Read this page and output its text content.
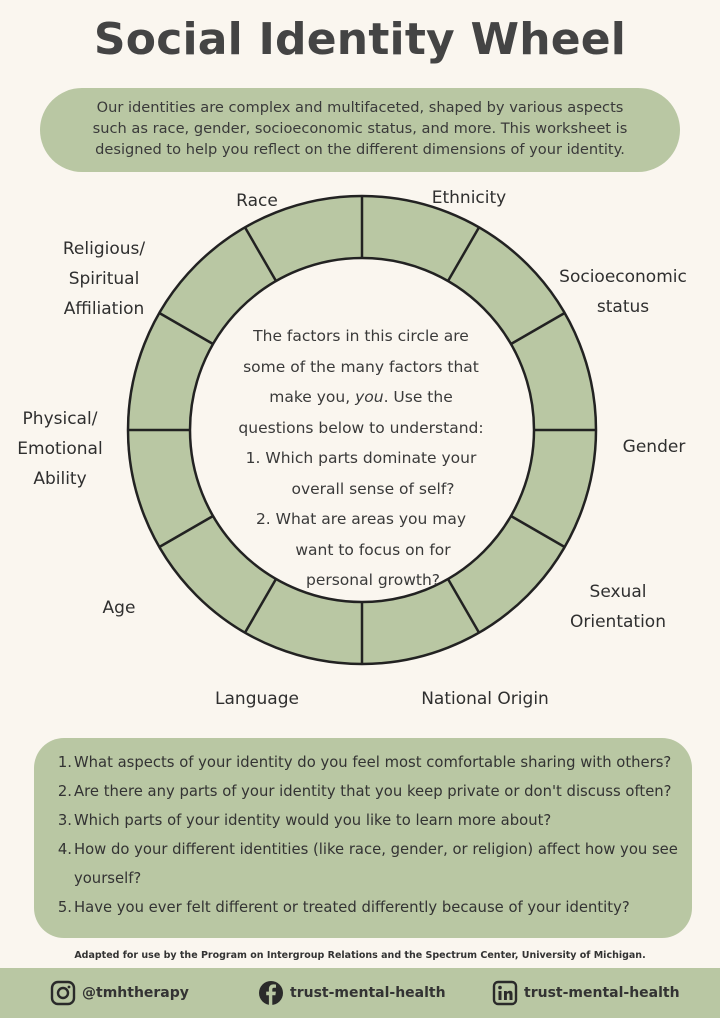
Social Identity Wheel
Our identities are complex and multifaceted, shaped by various aspects such as race, gender, socioeconomic status, and more. This worksheet is designed to help you reflect on the different dimensions of your identity.
Race	Ethnicity
Socioeconomic
status
Gender
Sexual
Orientation
National Origin
Language
Age
Physical/
Emotional
Ability
Religious/
Spiritual
Affiliation
The factors in this circle are
some of the many factors that
make you, you. Use the
questions below to understand:
1. Which parts dominate your
overall sense of self?
2. What are areas you may
want to focus on for
personal growth?
1. What aspects of your identity do you feel most comfortable sharing with others?
2. Are there any parts of your identity that you keep private or don't discuss often?
3. Which parts of your identity would you like to learn more about?
4. How do your different identities (like race, gender, or religion) affect how you see yourself?
5. Have you ever felt different or treated differently because of your identity?
Adapted for use by the Program on Intergroup Relations and the Spectrum Center, University of Michigan.
@tmhtherapy	trust-mental-health	trust-mental-health
